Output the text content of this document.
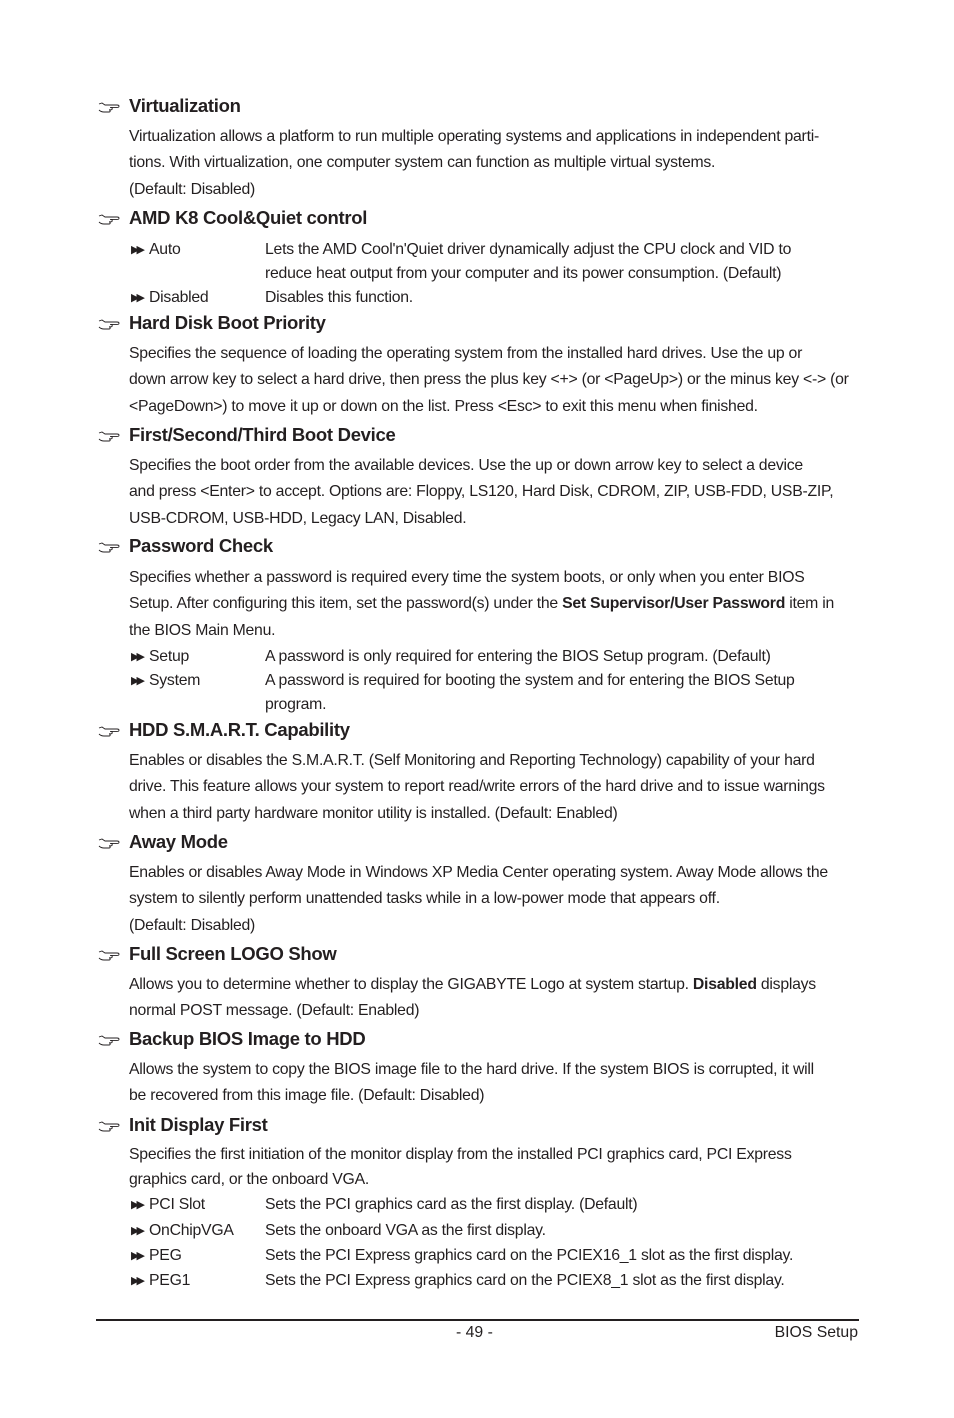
Virtualization
Virtualization allows a platform to run multiple operating systems and applications in independent parti-
tions. With virtualization, one computer system can function as multiple virtual systems.
(Default: Disabled)
AMD K8 Cool&Quiet control
▶▶ Auto	Lets the AMD Cool'n'Quiet driver dynamically adjust the CPU clock and VID to
reduce heat output from your computer and its power consumption. (Default)
▶▶ Disabled	Disables this function.
Hard Disk Boot Priority
Specifies the sequence of loading the operating system from the installed hard drives. Use the up or
down arrow key to select a hard drive, then press the plus key <+> (or <PageUp>) or the minus key <-> (or
<PageDown>) to move it up or down on the list. Press <Esc> to exit this menu when finished.
First/Second/Third Boot Device
Specifies the boot order from the available devices. Use the up or down arrow key to select a device
and press <Enter> to accept. Options are: Floppy, LS120, Hard Disk, CDROM, ZIP, USB-FDD, USB-ZIP,
USB-CDROM, USB-HDD, Legacy LAN, Disabled.
Password Check
Specifies whether a password is required every time the system boots, or only when you enter BIOS
Setup. After configuring this item, set the password(s) under the Set Supervisor/User Password item in
the BIOS Main Menu.
▶▶ Setup	A password is only required for entering the BIOS Setup program. (Default)
▶▶ System	A password is required for booting the system and for entering the BIOS Setup
program.
HDD S.M.A.R.T. Capability
Enables or disables the S.M.A.R.T. (Self Monitoring and Reporting Technology) capability of your hard
drive. This feature allows your system to report read/write errors of the hard drive and to issue warnings
when a third party hardware monitor utility is installed. (Default: Enabled)
Away Mode
Enables or disables Away Mode in Windows XP Media Center operating system. Away Mode allows the
system to silently perform unattended tasks while in a low-power mode that appears off.
(Default: Disabled)
Full Screen LOGO Show
Allows you to determine whether to display the GIGABYTE Logo at system startup. Disabled displays
normal POST message. (Default: Enabled)
Backup BIOS Image to HDD
Allows the system to copy the BIOS image file to the hard drive. If the system BIOS is corrupted, it will
be recovered from this image file. (Default: Disabled)
Init Display First
Specifies the first initiation of the monitor display from the installed PCI graphics card, PCI Express
graphics card, or the onboard VGA.
▶▶ PCI Slot	Sets the PCI graphics card as the first display. (Default)
▶▶ OnChipVGA Sets the onboard VGA as the first display.
▶▶ PEG	Sets the PCI Express graphics card on the PCIEX16_1 slot as the first display.
▶▶ PEG1	Sets the PCI Express graphics card on the PCIEX8_1 slot as the first display.
- 49 -	BIOS Setup
